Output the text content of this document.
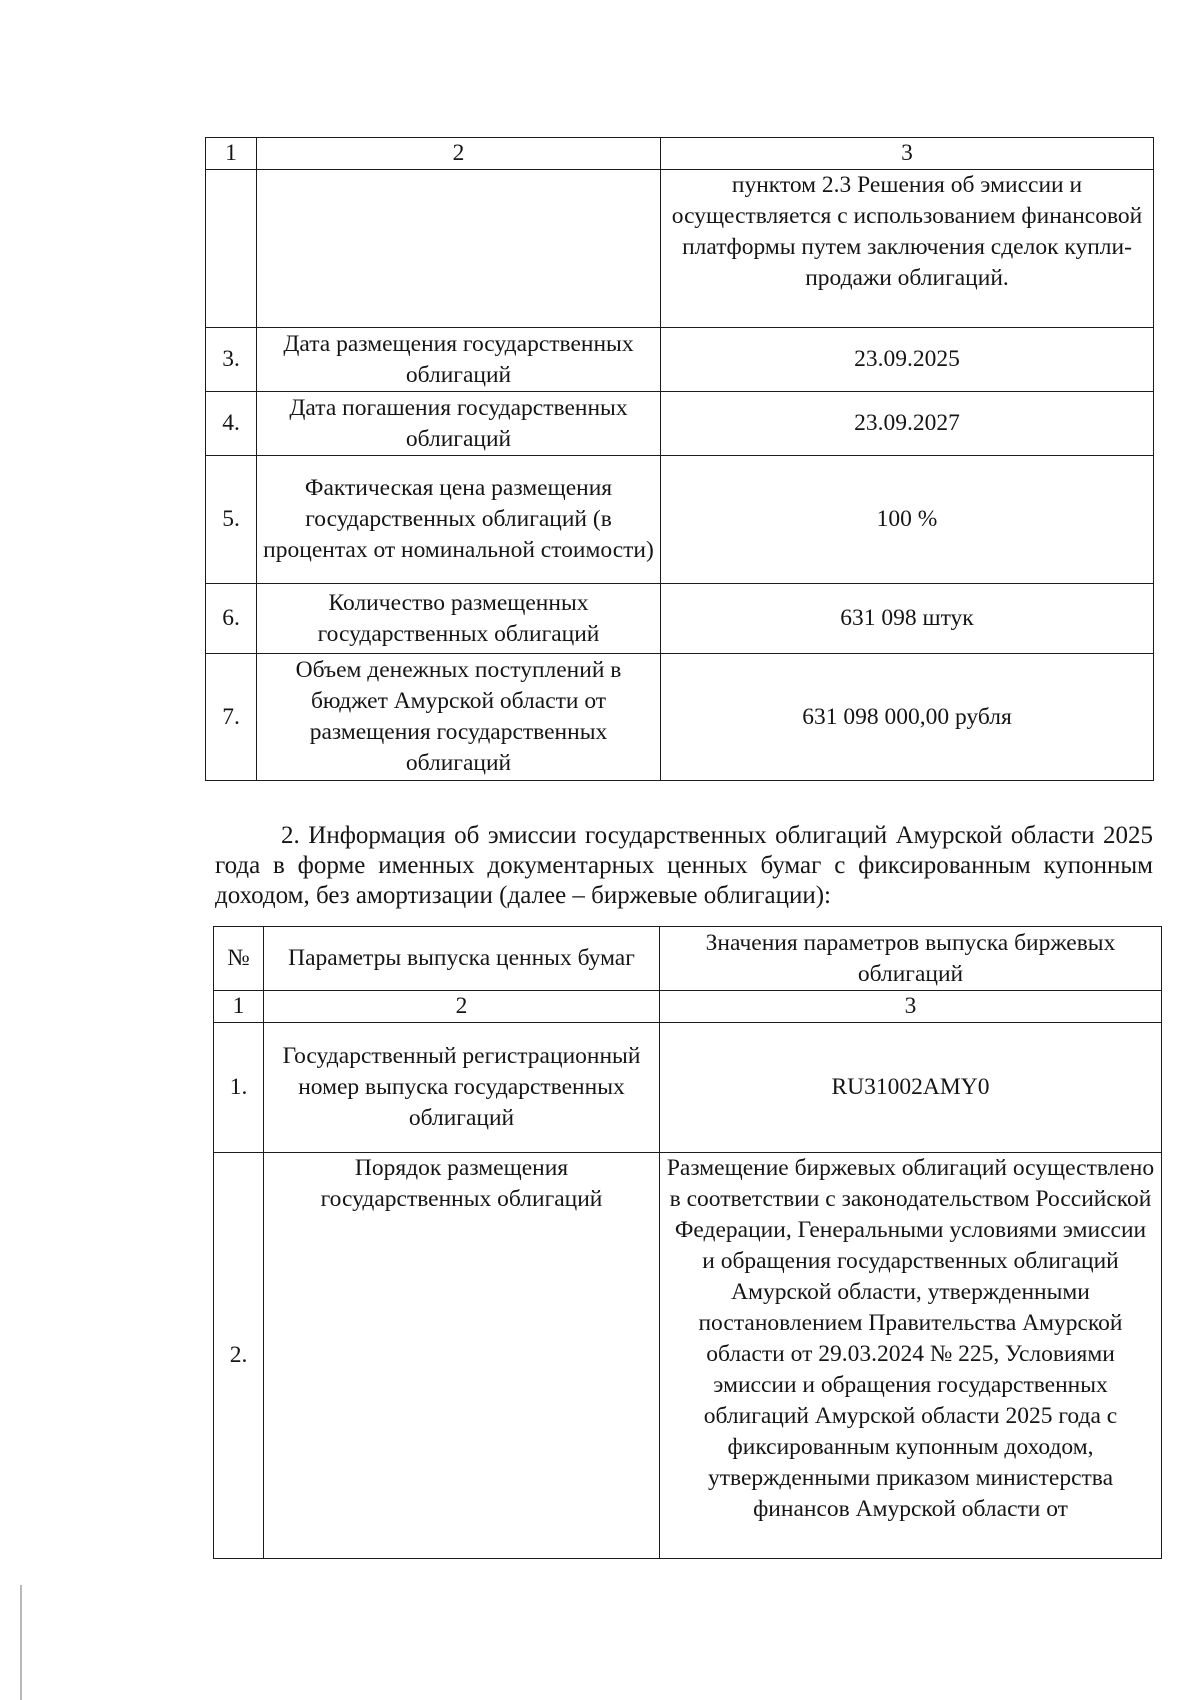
1	2	3
		пунктом 2.3 Решения об эмиссии и осуществляется с использованием финансовой платформы путем заключения сделок купли-продажи облигаций.
3.	Дата размещения государственных облигаций	23.09.2025
4.	Дата погашения государственных облигаций	23.09.2027
5.	Фактическая цена размещения государственных облигаций (в процентах от номинальной стоимости)	100 %
6.	Количество размещенных государственных облигаций	631 098 штук
7.	Объем денежных поступлений в бюджет Амурской области от размещения государственных облигаций	631 098 000,00 рубля

2. Информация об эмиссии государственных облигаций Амурской области 2025 года в форме именных документарных ценных бумаг с фиксированным купонным доходом, без амортизации (далее – биржевые облигации):

№	Параметры выпуска ценных бумаг	Значения параметров выпуска биржевых облигаций
1	2	3
1.	Государственный регистрационный номер выпуска государственных облигаций	RU31002AMY0
2.	Порядок размещения государственных облигаций	Размещение биржевых облигаций осуществлено в соответствии с законодательством Российской Федерации, Генеральными условиями эмиссии и обращения государственных облигаций Амурской области, утвержденными постановлением Правительства Амурской области от 29.03.2024 № 225, Условиями эмиссии и обращения государственных облигаций Амурской области 2025 года с фиксированным купонным доходом, утвержденными приказом министерства финансов Амурской области от
